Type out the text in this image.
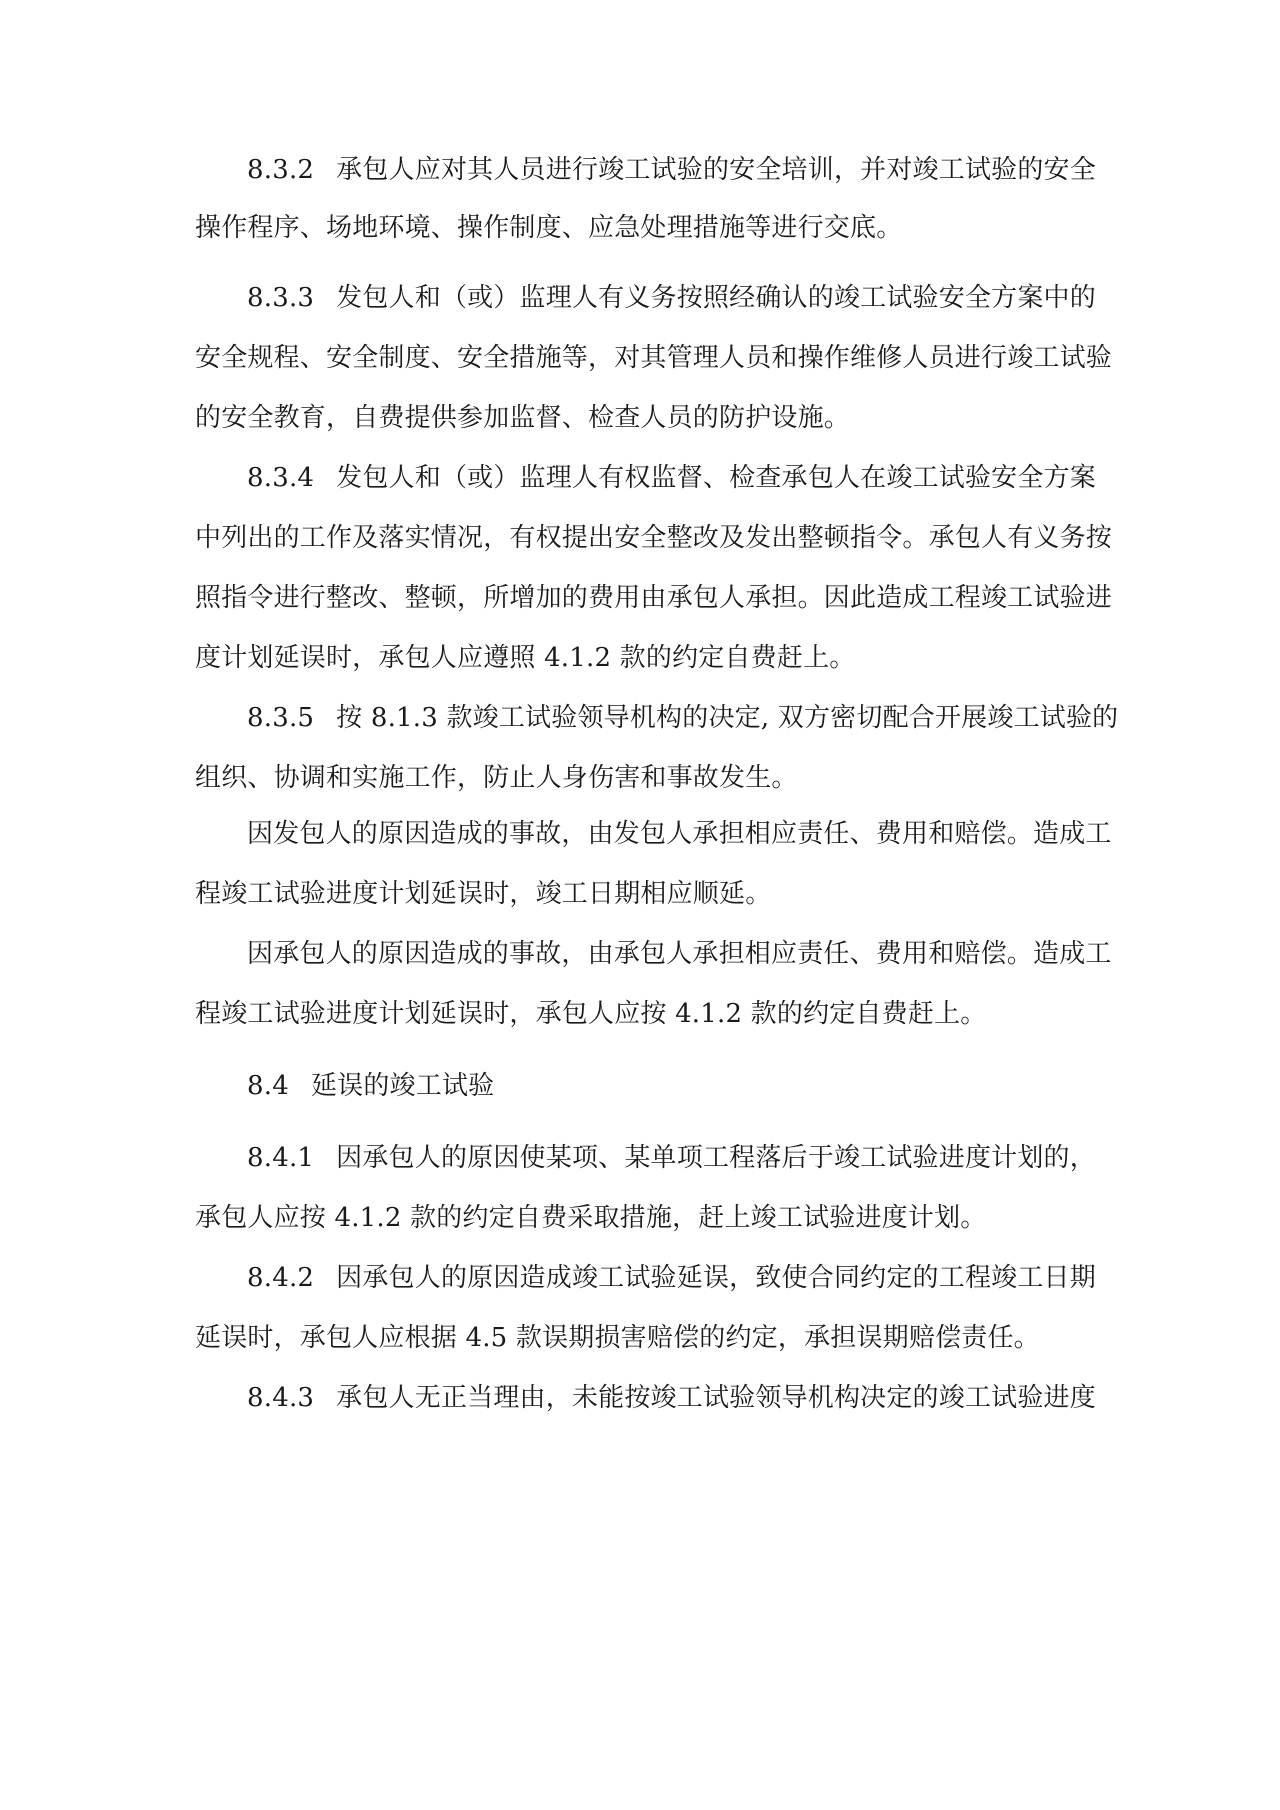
8.3.2 承包人应对其人员进行竣工试验的安全培训，并对竣工试验的安全
操作程序、场地环境、操作制度、应急处理措施等进行交底。
8.3.3 发包人和（或）监理人有义务按照经确认的竣工试验安全方案中的
安全规程、安全制度、安全措施等，对其管理人员和操作维修人员进行竣工试验
的安全教育，自费提供参加监督、检查人员的防护设施。
8.3.4 发包人和（或）监理人有权监督、检查承包人在竣工试验安全方案
中列出的工作及落实情况，有权提出安全整改及发出整顿指令。承包人有义务按
照指令进行整改、整顿，所增加的费用由承包人承担。因此造成工程竣工试验进
度计划延误时，承包人应遵照 4.1.2 款的约定自费赶上。
8.3.5 按 8.1.3 款竣工试验领导机构的决定, 双方密切配合开展竣工试验的
组织、协调和实施工作，防止人身伤害和事故发生。
因发包人的原因造成的事故，由发包人承担相应责任、费用和赔偿。造成工
程竣工试验进度计划延误时，竣工日期相应顺延。
因承包人的原因造成的事故，由承包人承担相应责任、费用和赔偿。造成工
程竣工试验进度计划延误时，承包人应按 4.1.2 款的约定自费赶上。
8.4 延误的竣工试验
8.4.1 因承包人的原因使某项、某单项工程落后于竣工试验进度计划的，
承包人应按 4.1.2 款的约定自费采取措施，赶上竣工试验进度计划。
8.4.2 因承包人的原因造成竣工试验延误，致使合同约定的工程竣工日期
延误时，承包人应根据 4.5 款误期损害赔偿的约定，承担误期赔偿责任。
8.4.3 承包人无正当理由，未能按竣工试验领导机构决定的竣工试验进度
